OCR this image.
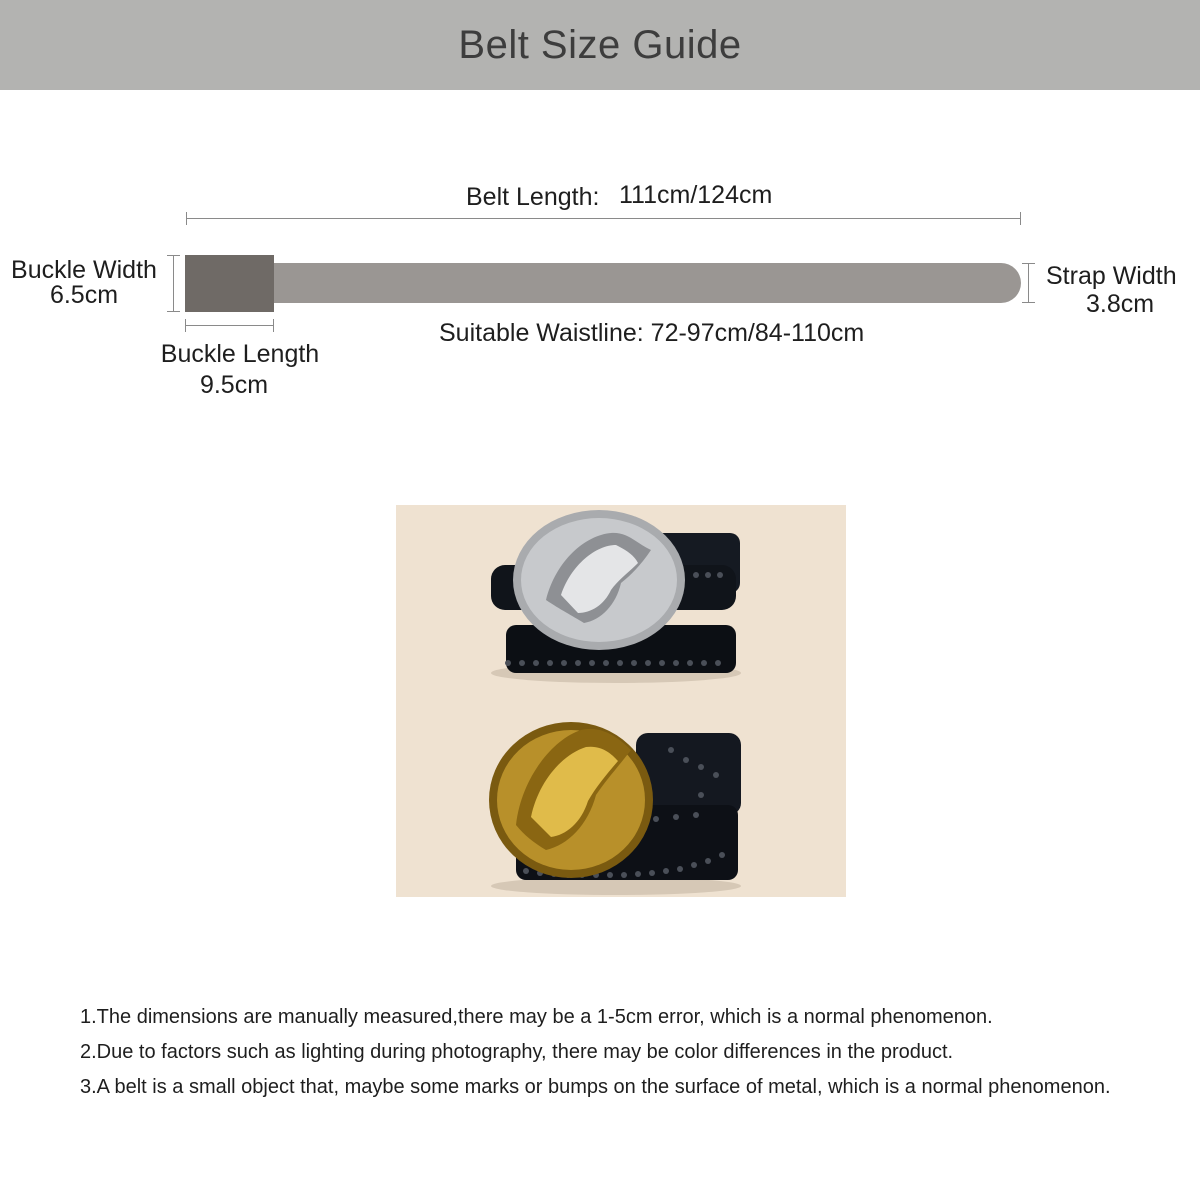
Belt Size Guide
Belt Length: 111cm/124cm
Buckle Width
6.5cm
Strap Width
3.8cm
Buckle Length
9.5cm
Suitable Waistline: 72-97cm/84-110cm
1.The dimensions are manually measured,there may be a 1-5cm error, which is a normal phenomenon.
2.Due to factors such as lighting during photography, there may be color differences in the product.
3.A belt is a small object that, maybe some marks or bumps on the surface of metal, which is a normal phenomenon.
